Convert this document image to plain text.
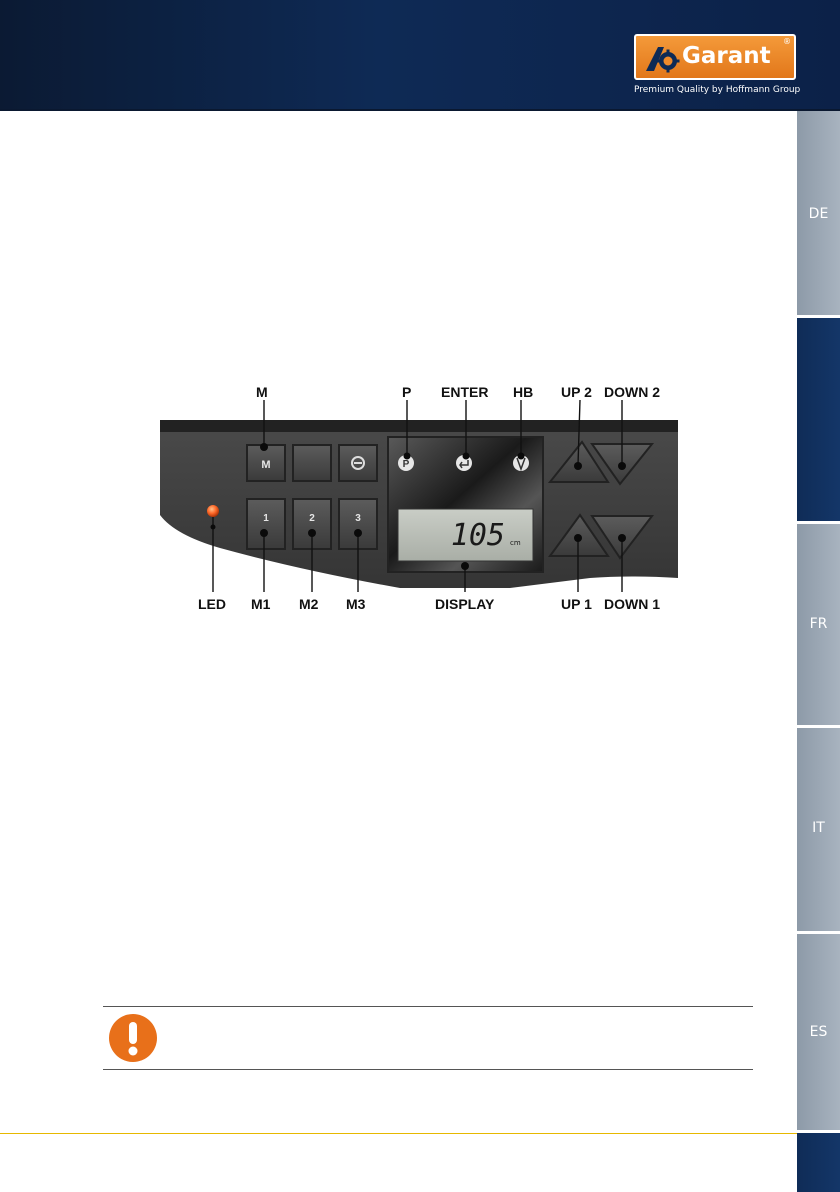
Garant
®
Premium Quality by Hoffmann Group
DE
FR
IT
ES
M
1	2	3
P
105 cm
M	P ENTER HB UP 2 DOWN 2
LED M1 M2 M3	DISPLAY	UP 1 DOWN 1
